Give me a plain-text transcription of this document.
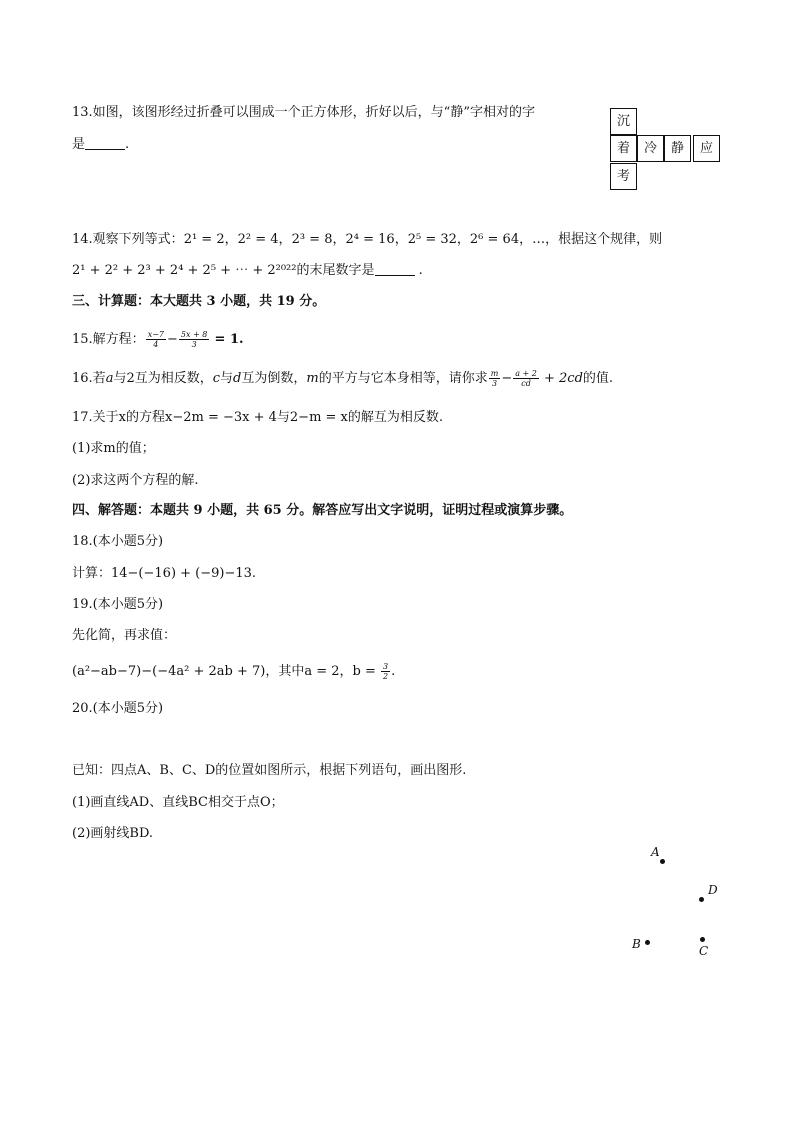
13.如图，该图形经过折叠可以围成一个正方体形，折好以后，与“静”字相对的字
是	.
沉
着	冷	静	应
考
14.观察下列等式：2¹ = 2，2² = 4，2³ = 8，2⁴ = 16，2⁵ = 32，2⁶ = 64，…，根据这个规律，则
2¹ + 2² + 2³ + 2⁴ + 2⁵ + ⋯ + 2²⁰²²的末尾数字是	.
三、计算题：本大题共 3 小题，共 19 分。
15.解方程： $\frac{x-7}{4} - \frac{5x + 8}{3} = 1$.
16.若a与2互为相反数，c与d互为倒数，m的平方与它本身相等，请你求 $\frac{m}{3} - \frac{a + 2}{cd} + 2cd$的值.
17.关于x的方程x−2m = −3x + 4与2−m = x的解互为相反数.
(1)求m的值；
(2)求这两个方程的解.
四、解答题：本题共 9 小题，共 65 分。解答应写出文字说明，证明过程或演算步骤。
18.(本小题5分)
计算：14−(−16) + (−9)−13.
19.(本小题5分)
先化简，再求值：
(a²−ab−7)−(−4a² + 2ab + 7)，其中a = 2，$b = \frac{3}{2}$ .
20.(本小题5分)
已知：四点A、B、C、D的位置如图所示，根据下列语句，画出图形.
(1)画直线AD、直线BC相交于点O；
(2)画射线BD.
A
D
B	C
